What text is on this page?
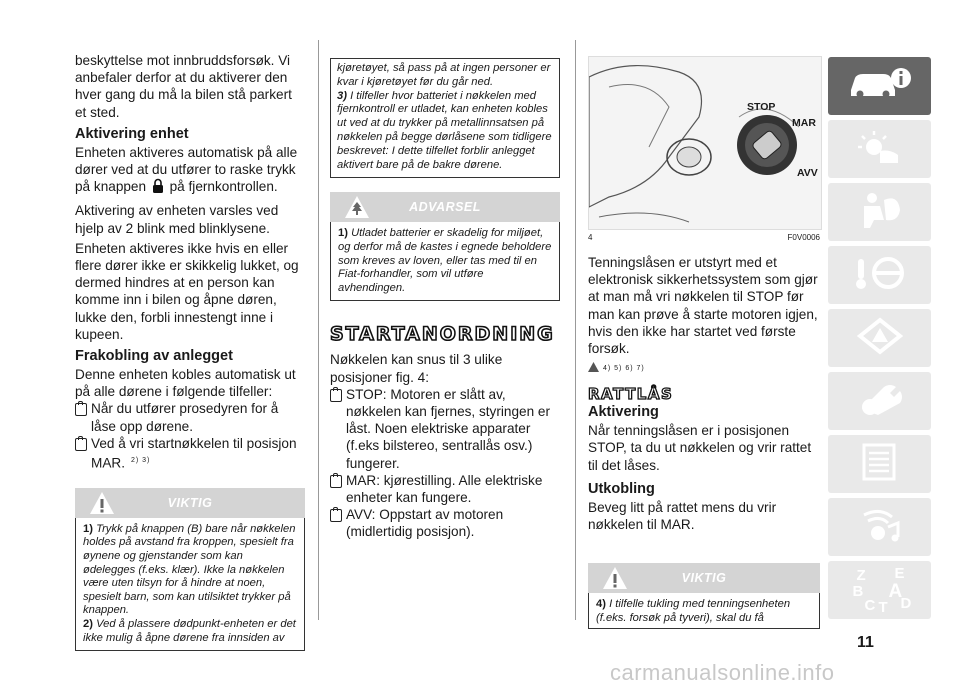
beskyttelse mot innbruddsforsøk. Vi anbefaler derfor at du aktiverer den hver gang du må la bilen stå parkert et sted.

Aktivering enhet

Enheten aktiveres automatisk på alle dører ved at du utfører to raske trykk på knappen på fjernkontrollen.

Aktivering av enheten varsles ved hjelp av 2 blink med blinklysene.

Enheten aktiveres ikke hvis en eller flere dører ikke er skikkelig lukket, og dermed hindres at en person kan komme inn i bilen og åpne døren, lukke den, forbli innestengt inne i kupeen.

Frakobling av anlegget

Denne enheten kobles automatisk ut på alle dørene i følgende tilfeller:

Når du utfører prosedyren for å låse opp dørene.
Ved å vri startnøkkelen til posisjon MAR. $^{2) 3)}$
VIKTIG

1) Trykk på knappen (B) bare når nøkkelen holdes på avstand fra kroppen, spesielt fra øynene og gjenstander som kan ødelegges (f.eks. klær). Ikke la nøkkelen være uten tilsyn for å hindre at noen, spesielt barn, som kan utilsiktet trykker på knappen.

2) Ved å plassere dødpunkt-enheten er det ikke mulig å åpne dørene fra innsiden av

kjøretøyet, så pass på at ingen personer er kvar i kjøretøyet før du går ned.

3) I tilfeller hvor batteriet i nøkkelen med fjernkontroll er utladet, kan enheten kobles ut ved at du trykker på metallinnsatsen på nøkkelen på begge dørlåsene som tidligere beskrevet: I dette tilfellet forblir anlegget aktivert bare på de bakre dørene.

ADVARSEL

1) Utladet batterier er skadelig for miljøet, og derfor må de kastes i egnede beholdere som kreves av loven, eller tas med til en Fiat-forhandler, som vil utføre avhendingen.

STARTANORDNING

Nøkkelen kan snus til 3 ulike posisjoner fig. 4:

STOP: Motoren er slått av, nøkkelen kan fjernes, styringen er låst. Noen elektriske apparater (f.eks bilstereo, sentrallås osv.) fungerer.
MAR: kjørestilling. Alle elektriske enheter kan fungere.
AVV: Oppstart av motoren (midlertidig posisjon).
STOP
MAR
AVV
4	F0V0006

Tenningslåsen er utstyrt med et elektronisk sikkerhetssystem som gjør at man må vri nøkkelen til STOP før man kan prøve å starte motoren igjen, hvis den ikke har startet ved første forsøk.

4) 5) 6) 7)
RATTLÅS
Aktivering

Når tenningslåsen er i posisjonen STOP, ta du ut nøkkelen og vrir rattet til det låses.

Utkobling

Beveg litt på rattet mens du vrir nøkkelen til MAR.

VIKTIG

4) I tilfelle tukling med tenningsenheten (f.eks. forsøk på tyveri), skal du få

Z E
B A
C T D
11
carmanualsonline.info
